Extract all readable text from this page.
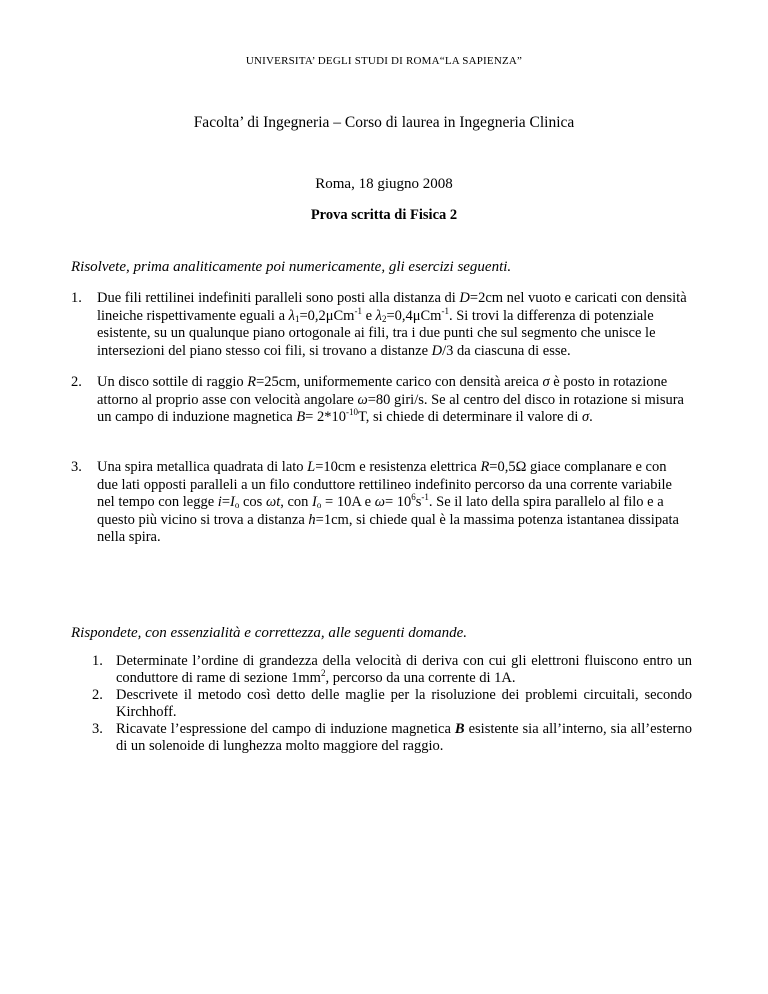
UNIVERSITA’ DEGLI STUDI DI ROMA“LA SAPIENZA”
Facolta’ di Ingegneria – Corso di laurea in Ingegneria Clinica
Roma, 18 giugno 2008
Prova scritta di Fisica 2
Risolvete, prima analiticamente poi numericamente, gli esercizi seguenti.
1. Due fili rettilinei indefiniti paralleli sono posti alla distanza di D=2cm nel vuoto e caricati con densità lineiche rispettivamente eguali a $\lambda_1=0,2\mu Cm^{-1}$ e $\lambda_2=0,4\mu Cm^{-1}$. Si trovi la differenza di potenziale esistente, su un qualunque piano ortogonale ai fili, tra i due punti che sul segmento che unisce le intersezioni del piano stesso coi fili, si trovano a distanze D/3 da ciascuna di esse.
2. Un disco sottile di raggio R=25cm, uniformemente carico con densità areica σ è posto in rotazione attorno al proprio asse con velocità angolare ω=80 giri/s. Se al centro del disco in rotazione si misura un campo di induzione magnetica $B= 2*10^{-10}T$, si chiede di determinare il valore di σ.
3. Una spira metallica quadrata di lato L=10cm e resistenza elettrica R=0,5Ω giace complanare e con due lati opposti paralleli a un filo conduttore rettilineo indefinito percorso da una corrente variabile nel tempo con legge $i=I_o$ cos ωt, con $I_o = 10A$ e $\omega= 10^6s^{-1}$. Se il lato della spira parallelo al filo e a questo più vicino si trova a distanza h=1cm, si chiede qual è la massima potenza istantanea dissipata nella spira.
Rispondete, con essenzialità e correttezza, alle seguenti domande.
1. Determinate l’ordine di grandezza della velocità di deriva con cui gli elettroni fluiscono entro un conduttore di rame di sezione $1mm^2$, percorso da una corrente di 1A.
2. Descrivete il metodo così detto delle maglie per la risoluzione dei problemi circuitali, secondo Kirchhoff.
3. Ricavate l’espressione del campo di induzione magnetica B esistente sia all’interno, sia all’esterno di un solenoide di lunghezza molto maggiore del raggio.
